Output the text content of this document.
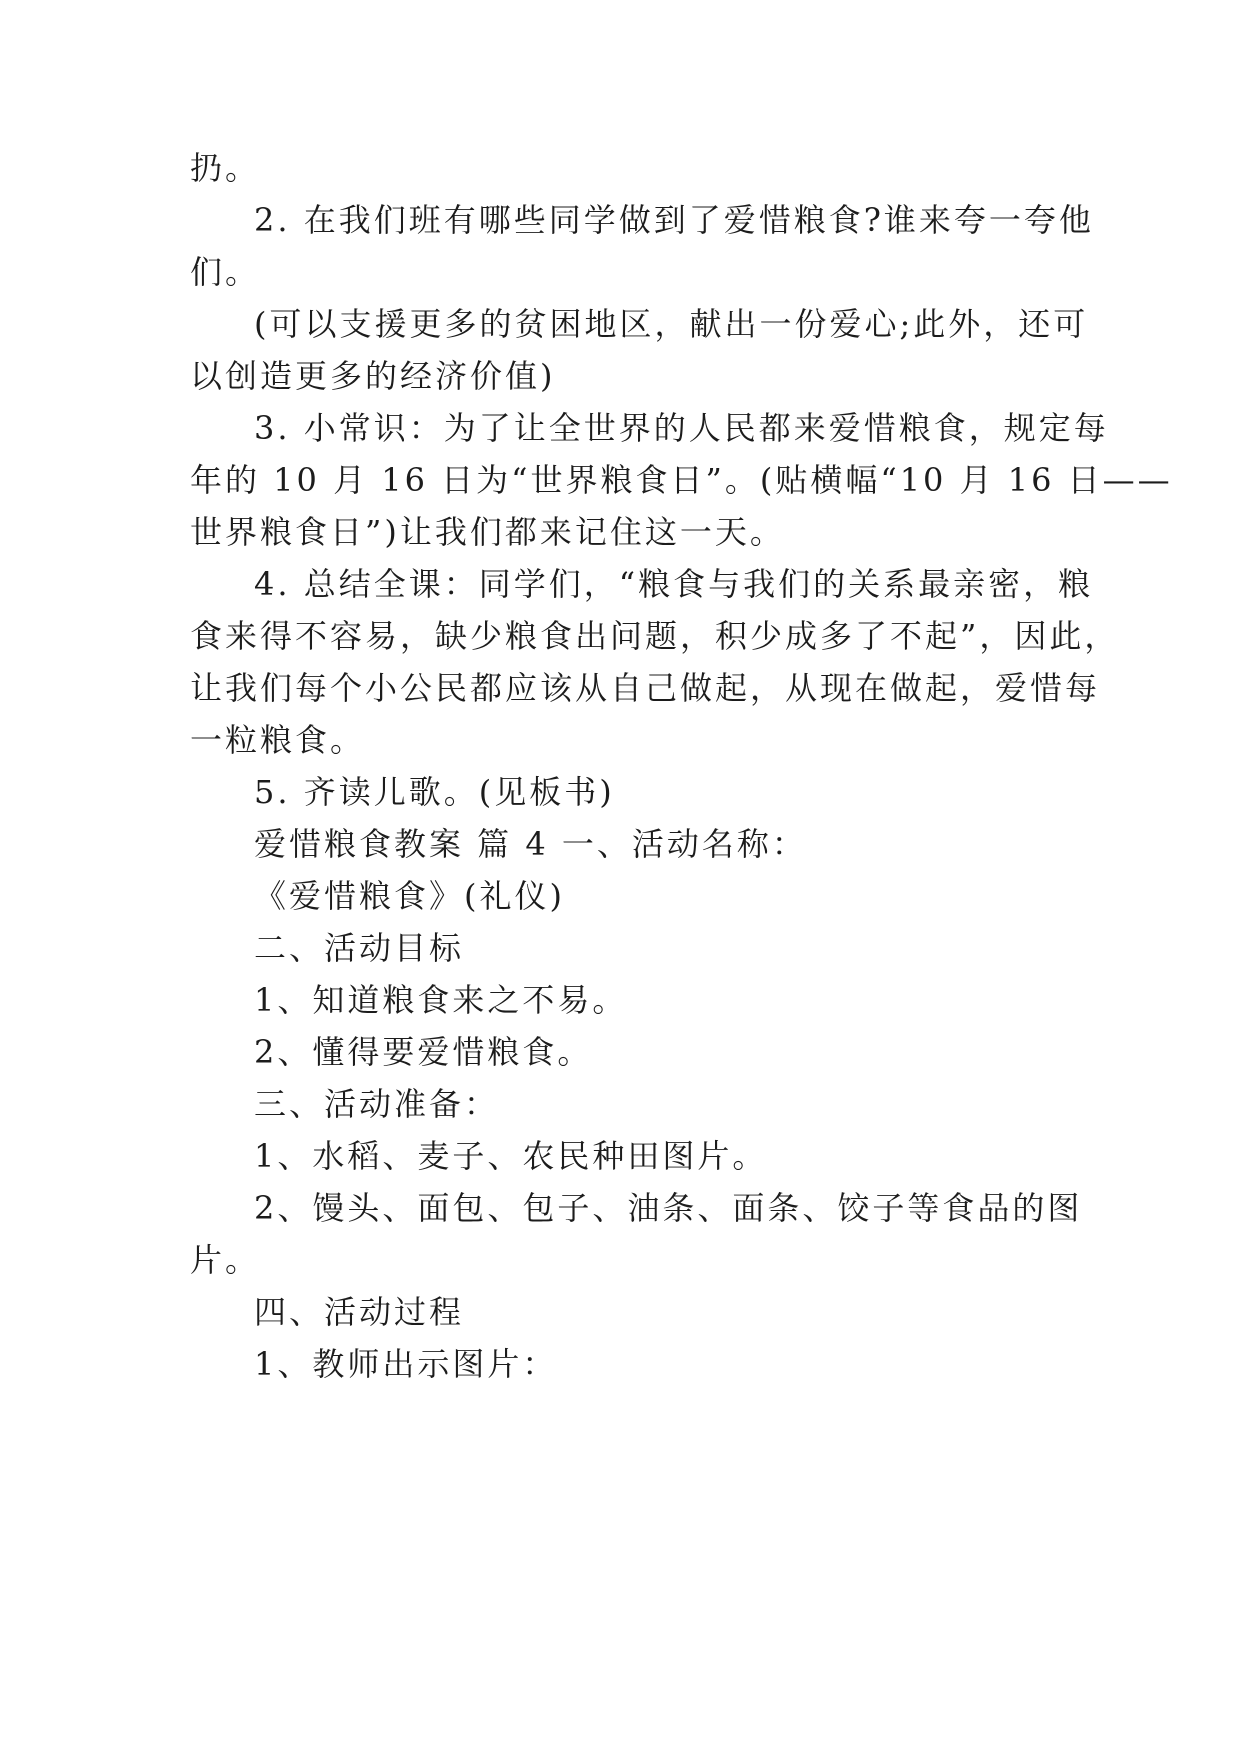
扔。
2. 在我们班有哪些同学做到了爱惜粮食?谁来夸一夸他
们。
(可以支援更多的贫困地区，献出一份爱心;此外，还可
以创造更多的经济价值)
3. 小常识：为了让全世界的人民都来爱惜粮食，规定每
年的 10 月 16 日为“世界粮食日”。(贴横幅“10 月 16 日——
世界粮食日”)让我们都来记住这一天。
4. 总结全课：同学们，“粮食与我们的关系最亲密，粮
食来得不容易，缺少粮食出问题，积少成多了不起”，因此，
让我们每个小公民都应该从自己做起，从现在做起，爱惜每
一粒粮食。
5. 齐读儿歌。(见板书)
爱惜粮食教案 篇 4 一、活动名称：
《爱惜粮食》(礼仪)
二、活动目标
1、知道粮食来之不易。
2、懂得要爱惜粮食。
三、活动准备：
1、水稻、麦子、农民种田图片。
2、馒头、面包、包子、油条、面条、饺子等食品的图
片。
四、活动过程
1、教师出示图片：
